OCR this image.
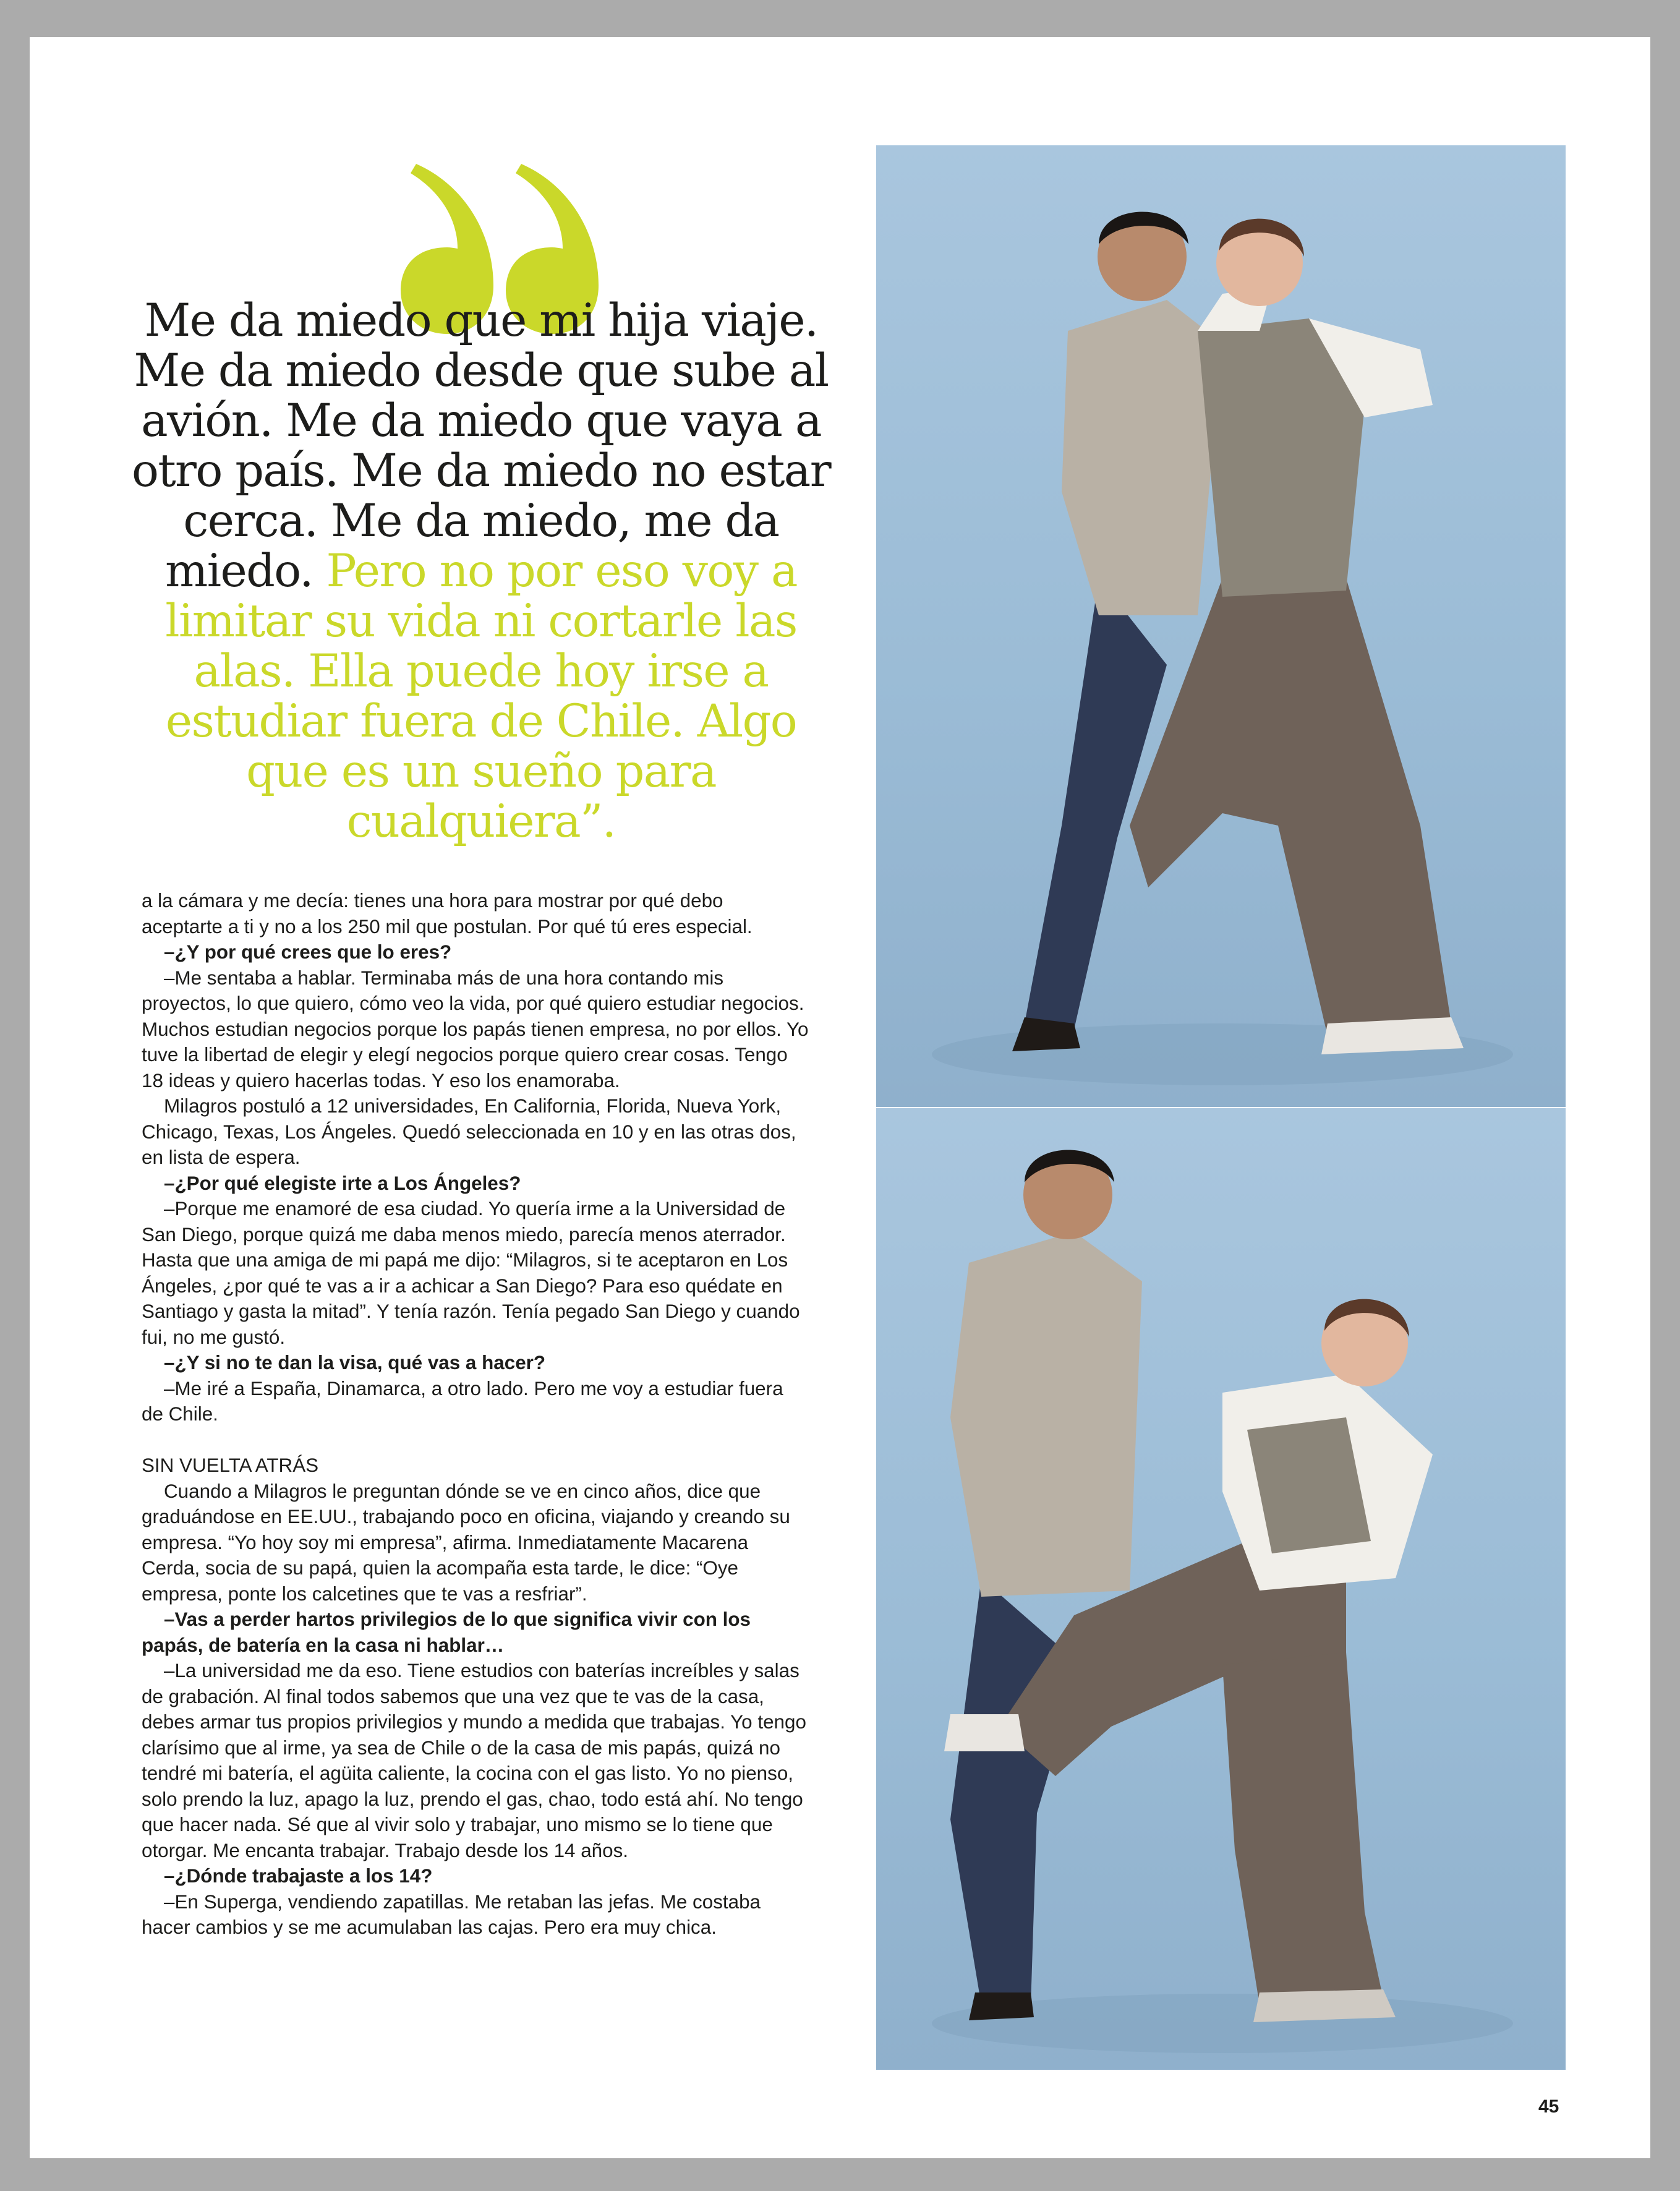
Me da miedo que mi hija viaje. Me da miedo desde que sube al avión. Me da miedo que vaya a otro país. Me da miedo no estar cerca. Me da miedo, me da miedo. Pero no por eso voy a limitar su vida ni cortarle las alas. Ella puede hoy irse a estudiar fuera de Chile. Algo que es un sueño para cualquiera”.

a la cámara y me decía: tienes una hora para mostrar por qué debo aceptarte a ti y no a los 250 mil que postulan. Por qué tú eres especial.

–¿Y por qué crees que lo eres?

–Me sentaba a hablar. Terminaba más de una hora contando mis proyectos, lo que quiero, cómo veo la vida, por qué quiero estudiar negocios. Muchos estudian negocios porque los papás tienen empresa, no por ellos. Yo tuve la libertad de elegir y elegí negocios porque quiero crear cosas. Tengo 18 ideas y quiero hacerlas todas. Y eso los enamoraba.

Milagros postuló a 12 universidades, En California, Florida, Nueva York, Chicago, Texas, Los Ángeles. Quedó seleccionada en 10 y en las otras dos, en lista de espera.

–¿Por qué elegiste irte a Los Ángeles?

–Porque me enamoré de esa ciudad. Yo quería irme a la Universidad de San Diego, porque quizá me daba menos miedo, parecía menos aterrador. Hasta que una amiga de mi papá me dijo: “Milagros, si te aceptaron en Los Ángeles, ¿por qué te vas a ir a achicar a San Diego? Para eso quédate en Santiago y gasta la mitad”. Y tenía razón. Tenía pegado San Diego y cuando fui, no me gustó.

–¿Y si no te dan la visa, qué vas a hacer?

–Me iré a España, Dinamarca, a otro lado. Pero me voy a estudiar fuera de Chile.

SIN VUELTA ATRÁS

Cuando a Milagros le preguntan dónde se ve en cinco años, dice que graduándose en EE.UU., trabajando poco en oficina, viajando y creando su empresa. “Yo hoy soy mi empresa”, afirma. Inmediatamente Macarena Cerda, socia de su papá, quien la acompaña esta tarde, le dice: “Oye empresa, ponte los calcetines que te vas a resfriar”.

–Vas a perder hartos privilegios de lo que significa vivir con los papás, de batería en la casa ni hablar…

–La universidad me da eso. Tiene estudios con baterías increíbles y salas de grabación. Al final todos sabemos que una vez que te vas de la casa, debes armar tus propios privilegios y mundo a medida que trabajas. Yo tengo clarísimo que al irme, ya sea de Chile o de la casa de mis papás, quizá no tendré mi batería, el agüita caliente, la cocina con el gas listo. Yo no pienso, solo prendo la luz, apago la luz, prendo el gas, chao, todo está ahí. No tengo que hacer nada. Sé que al vivir solo y trabajar, uno mismo se lo tiene que otorgar. Me encanta trabajar. Trabajo desde los 14 años.

–¿Dónde trabajaste a los 14?

–En Superga, vendiendo zapatillas. Me retaban las jefas. Me costaba hacer cambios y se me acumulaban las cajas. Pero era muy chica.

45
